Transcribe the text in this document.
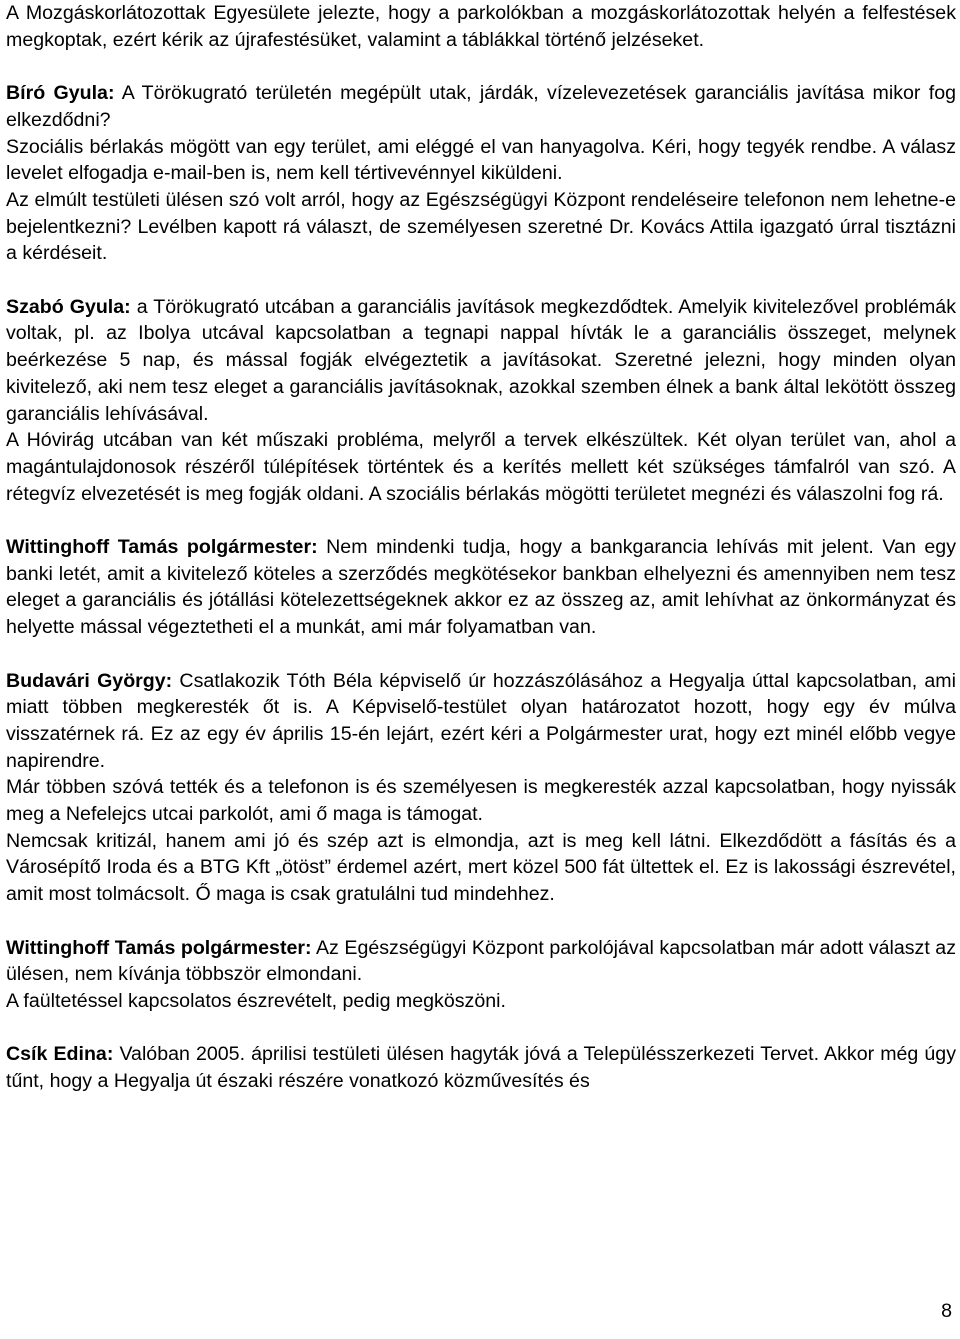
A Mozgáskorlátozottak Egyesülete jelezte, hogy a parkolókban a mozgáskorlátozottak helyén a felfestések megkoptak, ezért kérik az újrafestésüket, valamint a táblákkal történő jelzéseket.

Bíró Gyula: A Törökugrató területén megépült utak, járdák, vízelevezetések garanciális javítása mikor fog elkezdődni?

Szociális bérlakás mögött van egy terület, ami eléggé el van hanyagolva. Kéri, hogy tegyék rendbe. A válasz levelet elfogadja e-mail-ben is, nem kell tértivevénnyel kiküldeni.

Az elmúlt testületi ülésen szó volt arról, hogy az Egészségügyi Központ rendeléseire telefonon nem lehetne-e bejelentkezni? Levélben kapott rá választ, de személyesen szeretné Dr. Kovács Attila igazgató úrral tisztázni a kérdéseit.

Szabó Gyula: a Törökugrató utcában a garanciális javítások megkezdődtek. Amelyik kivitelezővel problémák voltak, pl. az Ibolya utcával kapcsolatban a tegnapi nappal hívták le a garanciális összeget, melynek beérkezése 5 nap, és mással fogják elvégeztetik a javításokat. Szeretné jelezni, hogy minden olyan kivitelező, aki nem tesz eleget a garanciális javításoknak, azokkal szemben élnek a bank által lekötött összeg garanciális lehívásával.

A Hóvirág utcában van két műszaki probléma, melyről a tervek elkészültek. Két olyan terület van, ahol a magántulajdonosok részéről túlépítések történtek és a kerítés mellett két szükséges támfalról van szó. A rétegvíz elvezetését is meg fogják oldani. A szociális bérlakás mögötti területet megnézi és válaszolni fog rá.

Wittinghoff Tamás polgármester: Nem mindenki tudja, hogy a bankgarancia lehívás mit jelent. Van egy banki letét, amit a kivitelező köteles a szerződés megkötésekor bankban elhelyezni és amennyiben nem tesz eleget a garanciális és jótállási kötelezettségeknek akkor ez az összeg az, amit lehívhat az önkormányzat és helyette mással végeztetheti el a munkát, ami már folyamatban van.

Budavári György: Csatlakozik Tóth Béla képviselő úr hozzászólásához a Hegyalja úttal kapcsolatban, ami miatt többen megkeresték őt is. A Képviselő-testület olyan határozatot hozott, hogy egy év múlva visszatérnek rá. Ez az egy év április 15-én lejárt, ezért kéri a Polgármester urat, hogy ezt minél előbb vegye napirendre.

Már többen szóvá tették és a telefonon is és személyesen is megkeresték azzal kapcsolatban, hogy nyissák meg a Nefelejcs utcai parkolót, ami ő maga is támogat.

Nemcsak kritizál, hanem ami jó és szép azt is elmondja, azt is meg kell látni. Elkezdődött a fásítás és a Városépítő Iroda és a BTG Kft „ötöst” érdemel azért, mert közel 500 fát ültettek el. Ez is lakossági észrevétel, amit most tolmácsolt. Ő maga is csak gratulálni tud mindehhez.

Wittinghoff Tamás polgármester: Az Egészségügyi Központ parkolójával kapcsolatban már adott választ az ülésen, nem kívánja többször elmondani.

A faültetéssel kapcsolatos észrevételt, pedig megköszöni.

Csík Edina: Valóban 2005. áprilisi testületi ülésen hagyták jóvá a Településszerkezeti Tervet. Akkor még úgy tűnt, hogy a Hegyalja út északi részére vonatkozó közművesítés és

8
